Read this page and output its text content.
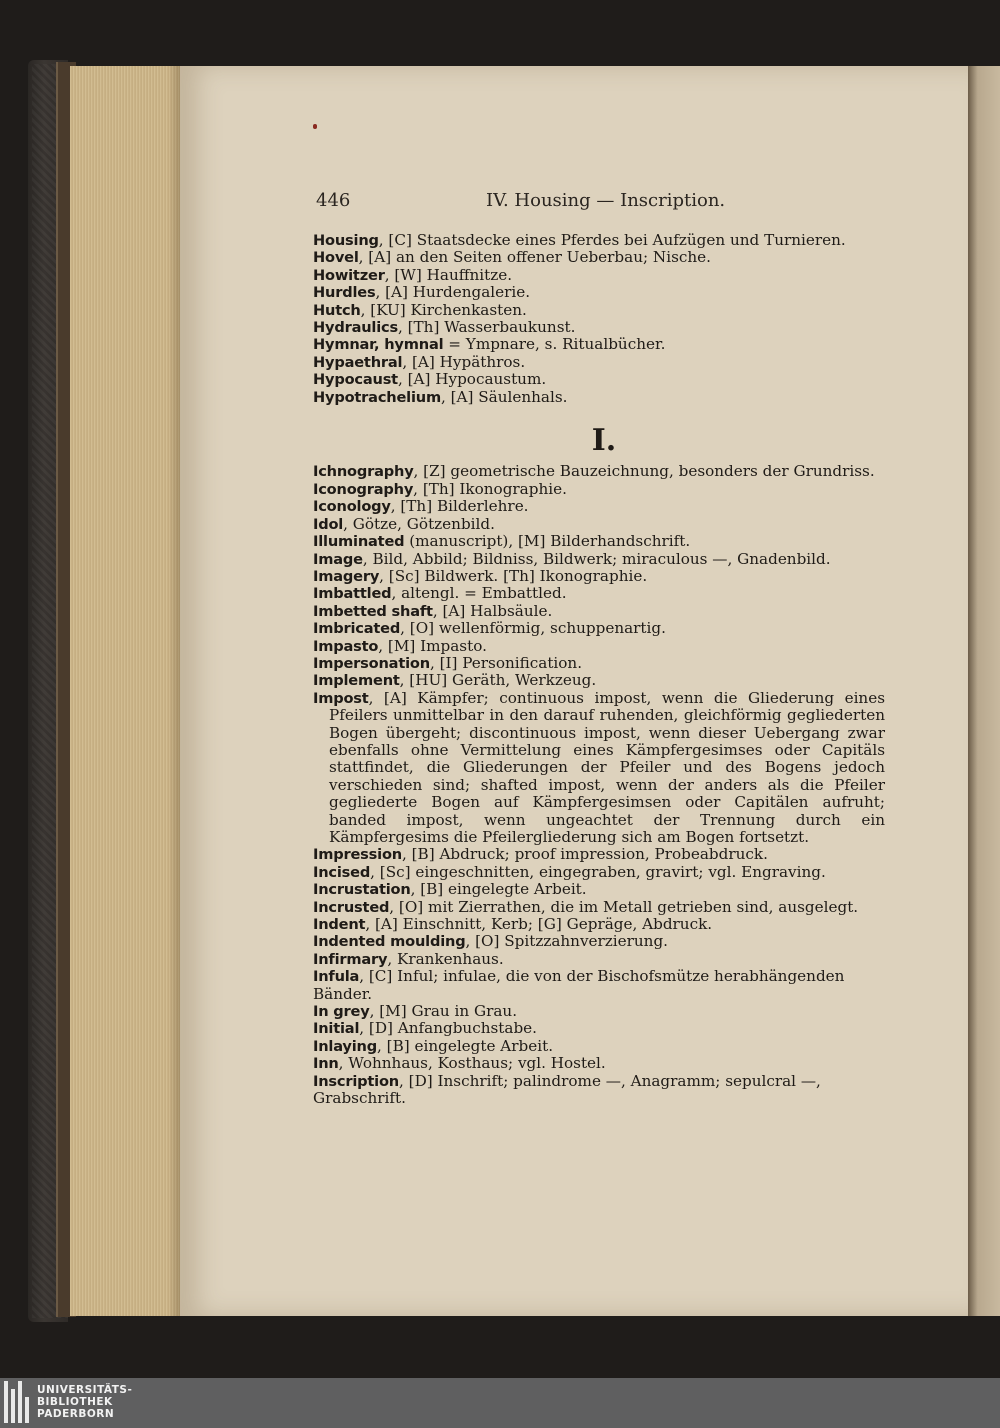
446	IV. Housing — Inscription.

Housing, [C] Staatsdecke eines Pferdes bei Aufzügen und Turnieren.

Hovel, [A] an den Seiten offener Ueberbau; Nische.

Howitzer, [W] Hauffnitze.

Hurdles, [A] Hurdengalerie.

Hutch, [KU] Kirchenkasten.

Hydraulics, [Th] Wasserbaukunst.

Hymnar, hymnal = Ympnare, s. Ritualbücher.

Hypaethral, [A] Hypäthros.

Hypocaust, [A] Hypocaustum.

Hypotrachelium, [A] Säulenhals.

I.

Ichnography, [Z] geometrische Bauzeichnung, besonders der Grundriss.

Iconography, [Th] Ikonographie.

Iconology, [Th] Bilderlehre.

Idol, Götze, Götzenbild.

Illuminated (manuscript), [M] Bilderhandschrift.

Image, Bild, Abbild; Bildniss, Bildwerk; miraculous —, Gnadenbild.

Imagery, [Sc] Bildwerk. [Th] Ikonographie.

Imbattled, altengl. = Embattled.

Imbetted shaft, [A] Halbsäule.

Imbricated, [O] wellenförmig, schuppenartig.

Impasto, [M] Impasto.

Impersonation, [I] Personification.

Implement, [HU] Geräth, Werkzeug.

Impost, [A] Kämpfer; continuous impost, wenn die Gliederung eines Pfeilers unmittelbar in den darauf ruhenden, gleichförmig gegliederten Bogen übergeht; discontinuous impost, wenn dieser Uebergang zwar ebenfalls ohne Vermittelung eines Kämpfergesimses oder Capitäls stattfindet, die Gliederungen der Pfeiler und des Bogens jedoch verschieden sind; shafted impost, wenn der anders als die Pfeiler gegliederte Bogen auf Kämpfergesimsen oder Capitälen aufruht; banded impost, wenn ungeachtet der Trennung durch ein Kämpfergesims die Pfeilergliederung sich am Bogen fortsetzt.

Impression, [B] Abdruck; proof impression, Probeabdruck.

Incised, [Sc] eingeschnitten, eingegraben, gravirt; vgl. Engraving.

Incrustation, [B] eingelegte Arbeit.

Incrusted, [O] mit Zierrathen, die im Metall getrieben sind, ausgelegt.

Indent, [A] Einschnitt, Kerb; [G] Gepräge, Abdruck.

Indented moulding, [O] Spitzzahnverzierung.

Infirmary, Krankenhaus.

Infula, [C] Inful; infulae, die von der Bischofsmütze herabhängenden Bänder.

In grey, [M] Grau in Grau.

Initial, [D] Anfangbuchstabe.

Inlaying, [B] eingelegte Arbeit.

Inn, Wohnhaus, Kosthaus; vgl. Hostel.

Inscription, [D] Inschrift; palindrome —, Anagramm; sepulcral —, Grabschrift.

UNIVERSITÄTS-
BIBLIOTHEK
PADERBORN
